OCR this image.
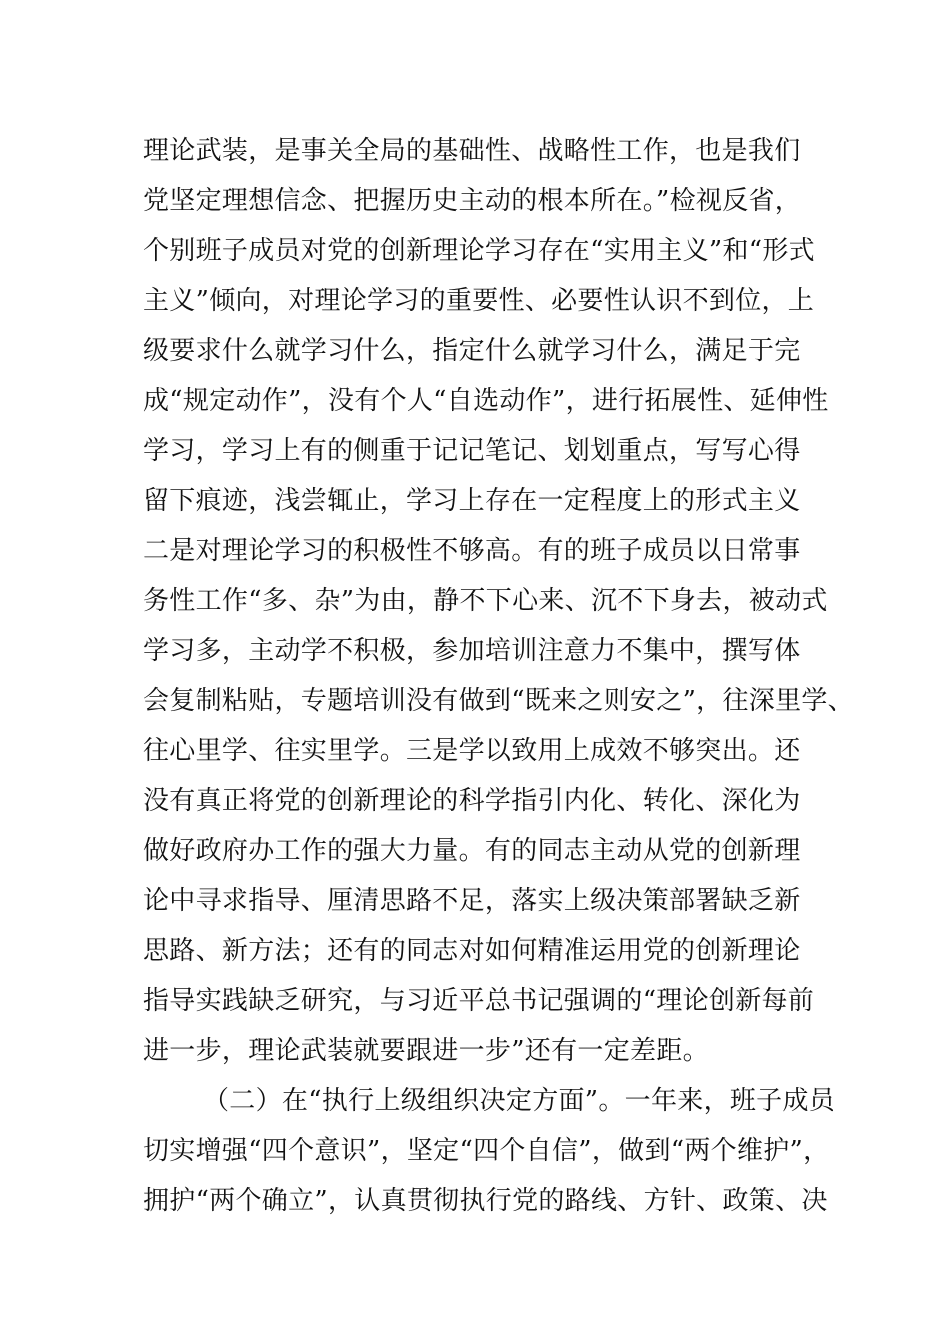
理论武装，是事关全局的基础性、战略性工作，也是我们
党坚定理想信念、把握历史主动的根本所在。”检视反省，
个别班子成员对党的创新理论学习存在“实用主义”和“形式
主义”倾向，对理论学习的重要性、必要性认识不到位，上
级要求什么就学习什么，指定什么就学习什么，满足于完
成“规定动作”，没有个人“自选动作”，进行拓展性、延伸性
学习，学习上有的侧重于记记笔记、划划重点，写写心得
留下痕迹，浅尝辄止，学习上存在一定程度上的形式主义
二是对理论学习的积极性不够高。有的班子成员以日常事
务性工作“多、杂”为由，静不下心来、沉不下身去，被动式
学习多，主动学不积极，参加培训注意力不集中，撰写体
会复制粘贴，专题培训没有做到“既来之则安之”，往深里学、
往心里学、往实里学。三是学以致用上成效不够突出。还
没有真正将党的创新理论的科学指引内化、转化、深化为
做好政府办工作的强大力量。有的同志主动从党的创新理
论中寻求指导、厘清思路不足，落实上级决策部署缺乏新
思路、新方法；还有的同志对如何精准运用党的创新理论
指导实践缺乏研究，与习近平总书记强调的“理论创新每前
进一步，理论武装就要跟进一步”还有一定差距。
（二）在“执行上级组织决定方面”。一年来，班子成员
切实增强“四个意识”，坚定“四个自信”，做到“两个维护”，
拥护“两个确立”，认真贯彻执行党的路线、方针、政策、决
